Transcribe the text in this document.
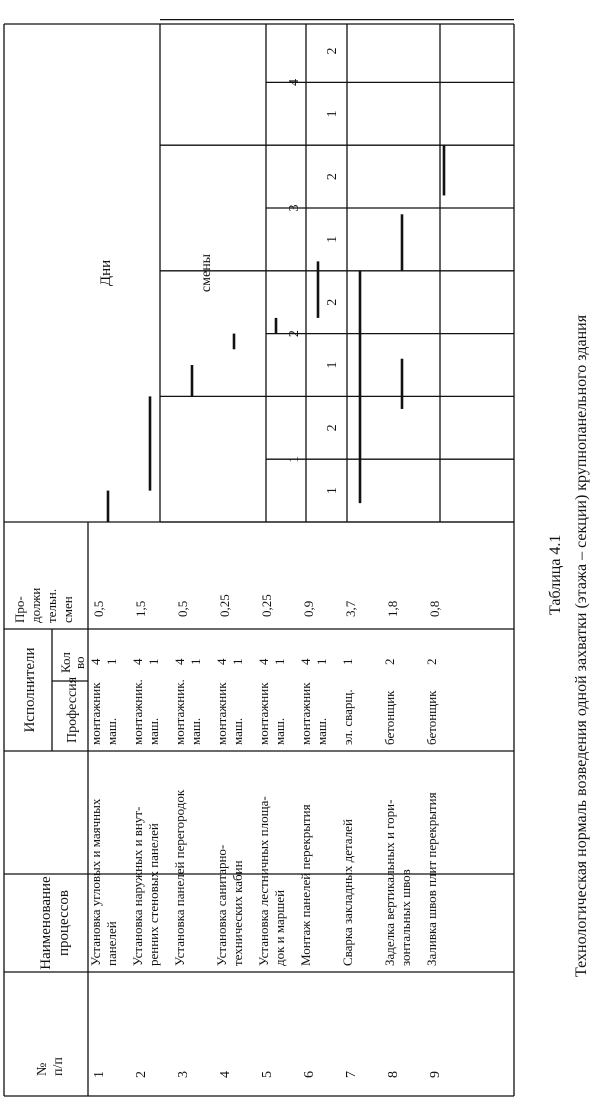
Таблица 4.1 Технологическая нормаль возведения одной захватки (этажа – секции) крупнопанельного здания
№ п/п
Наименование процессов
Исполнители Профессия
Кол во
Про- должи тельн. смен
Дни	смены
1
2
3
4
1
2
1
2
1
2
1
2
1
Установка угловых и маячных панелей
монтажник
4
маш.
1
0,5
2
Установка наружных и внут- ренних стеновых панелей
монтажник.
4
маш.
1
1,5
3
Установка панелей перегородок
монтажник.
4
маш.
1
0,5
4
Установка санитарно- технических кабин
монтажник
4
маш.
1
0,25
5
Установка лестничных площа- док и маршей
монтажник
4
маш.
1
0,25
6
Монтаж панелей перекрытия
монтажник
4
маш.
1
0,9
7
Сварка закладных деталей
эл. сварщ.
1
3,7
8
Заделка вертикальных и гори- зонтальных швов
бетонщик
2
1,8
9
Заливка швов плит перекрытия
бетонщик
2
0,8
